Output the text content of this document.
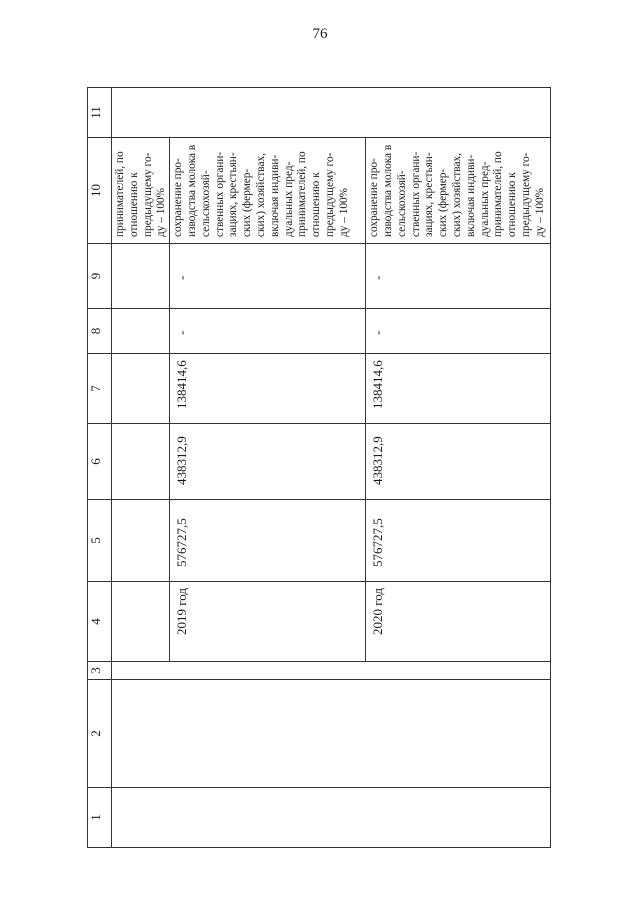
76
1	2	3	4	5	6	7	8	9	10	11

									принимателей, по отношению к предыдущему го-ду – 100%	

			2019 год	576727,5	438312,9	138414,6	-	-	сохранение про-изводства молока в сельскохозяй-ственных органи-зациях, крестьян-ских (фермер-ских) хозяйствах, включая индиви-дуальных пред-принимателей, по отношению к предыдущему го-ду – 100%	

			2020 год	576727,5	438312,9	138414,6	-	-	сохранение про-изводства молока в сельскохозяй-ственных органи-зациях, крестьян-ских (фермер-ских) хозяйствах, включая индиви-дуальных пред-принимателей, по отношению к предыдущему го-ду – 100%	
